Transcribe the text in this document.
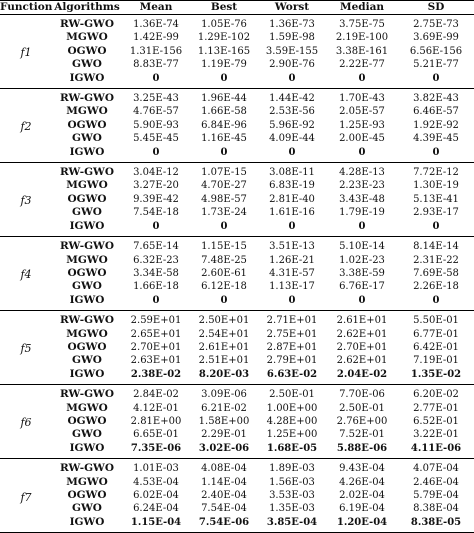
Function	Algorithms	Mean	Best	Worst	Median	SD
f1	RW-GWO	1.36E-74	1.05E-76	1.36E-73	3.75E-75	2.75E-73
	MGWO	1.42E-99	1.29E-102	1.59E-98	2.19E-100	3.69E-99
	OGWO	1.31E-156	1.13E-165	3.59E-155	3.38E-161	6.56E-156
	GWO	8.83E-77	1.19E-79	2.90E-76	2.22E-77	5.21E-77
	IGWO	0	0	0	0	0
f2	RW-GWO	3.25E-43	1.96E-44	1.44E-42	1.70E-43	3.82E-43
	MGWO	4.76E-57	1.66E-58	2.53E-56	2.05E-57	6.46E-57
	OGWO	5.90E-93	6.84E-96	5.96E-92	1.25E-93	1.92E-92
	GWO	5.45E-45	1.16E-45	4.09E-44	2.00E-45	4.39E-45
	IGWO	0	0	0	0	0
f3	RW-GWO	3.04E-12	1.07E-15	3.08E-11	4.28E-13	7.72E-12
	MGWO	3.27E-20	4.70E-27	6.83E-19	2.23E-23	1.30E-19
	OGWO	9.39E-42	4.98E-57	2.81E-40	3.43E-48	5.13E-41
	GWO	7.54E-18	1.73E-24	1.61E-16	1.79E-19	2.93E-17
	IGWO	0	0	0	0	0
f4	RW-GWO	7.65E-14	1.15E-15	3.51E-13	5.10E-14	8.14E-14
	MGWO	6.32E-23	7.48E-25	1.26E-21	1.02E-23	2.31E-22
	OGWO	3.34E-58	2.60E-61	4.31E-57	3.38E-59	7.69E-58
	GWO	1.66E-18	6.12E-18	1.13E-17	6.76E-17	2.26E-18
	IGWO	0	0	0	0	0
f5	RW-GWO	2.59E+01	2.50E+01	2.71E+01	2.61E+01	5.50E-01
	MGWO	2.65E+01	2.54E+01	2.75E+01	2.62E+01	6.77E-01
	OGWO	2.70E+01	2.61E+01	2.87E+01	2.70E+01	6.42E-01
	GWO	2.63E+01	2.51E+01	2.79E+01	2.62E+01	7.19E-01
	IGWO	2.38E-02	8.20E-03	6.63E-02	2.04E-02	1.35E-02
f6	RW-GWO	2.84E-02	3.09E-06	2.50E-01	7.70E-06	6.20E-02
	MGWO	4.12E-01	6.21E-02	1.00E+00	2.50E-01	2.77E-01
	OGWO	2.81E+00	1.58E+00	4.28E+00	2.76E+00	6.52E-01
	GWO	6.65E-01	2.29E-01	1.25E+00	7.52E-01	3.22E-01
	IGWO	7.35E-06	3.02E-06	1.68E-05	5.88E-06	4.11E-06
f7	RW-GWO	1.01E-03	4.08E-04	1.89E-03	9.43E-04	4.07E-04
	MGWO	4.53E-04	1.14E-04	1.56E-03	4.26E-04	2.46E-04
	OGWO	6.02E-04	2.40E-04	3.53E-03	2.02E-04	5.79E-04
	GWO	6.24E-04	7.54E-04	1.35E-03	6.19E-04	8.38E-04
	IGWO	1.15E-04	7.54E-06	3.85E-04	1.20E-04	8.38E-05
